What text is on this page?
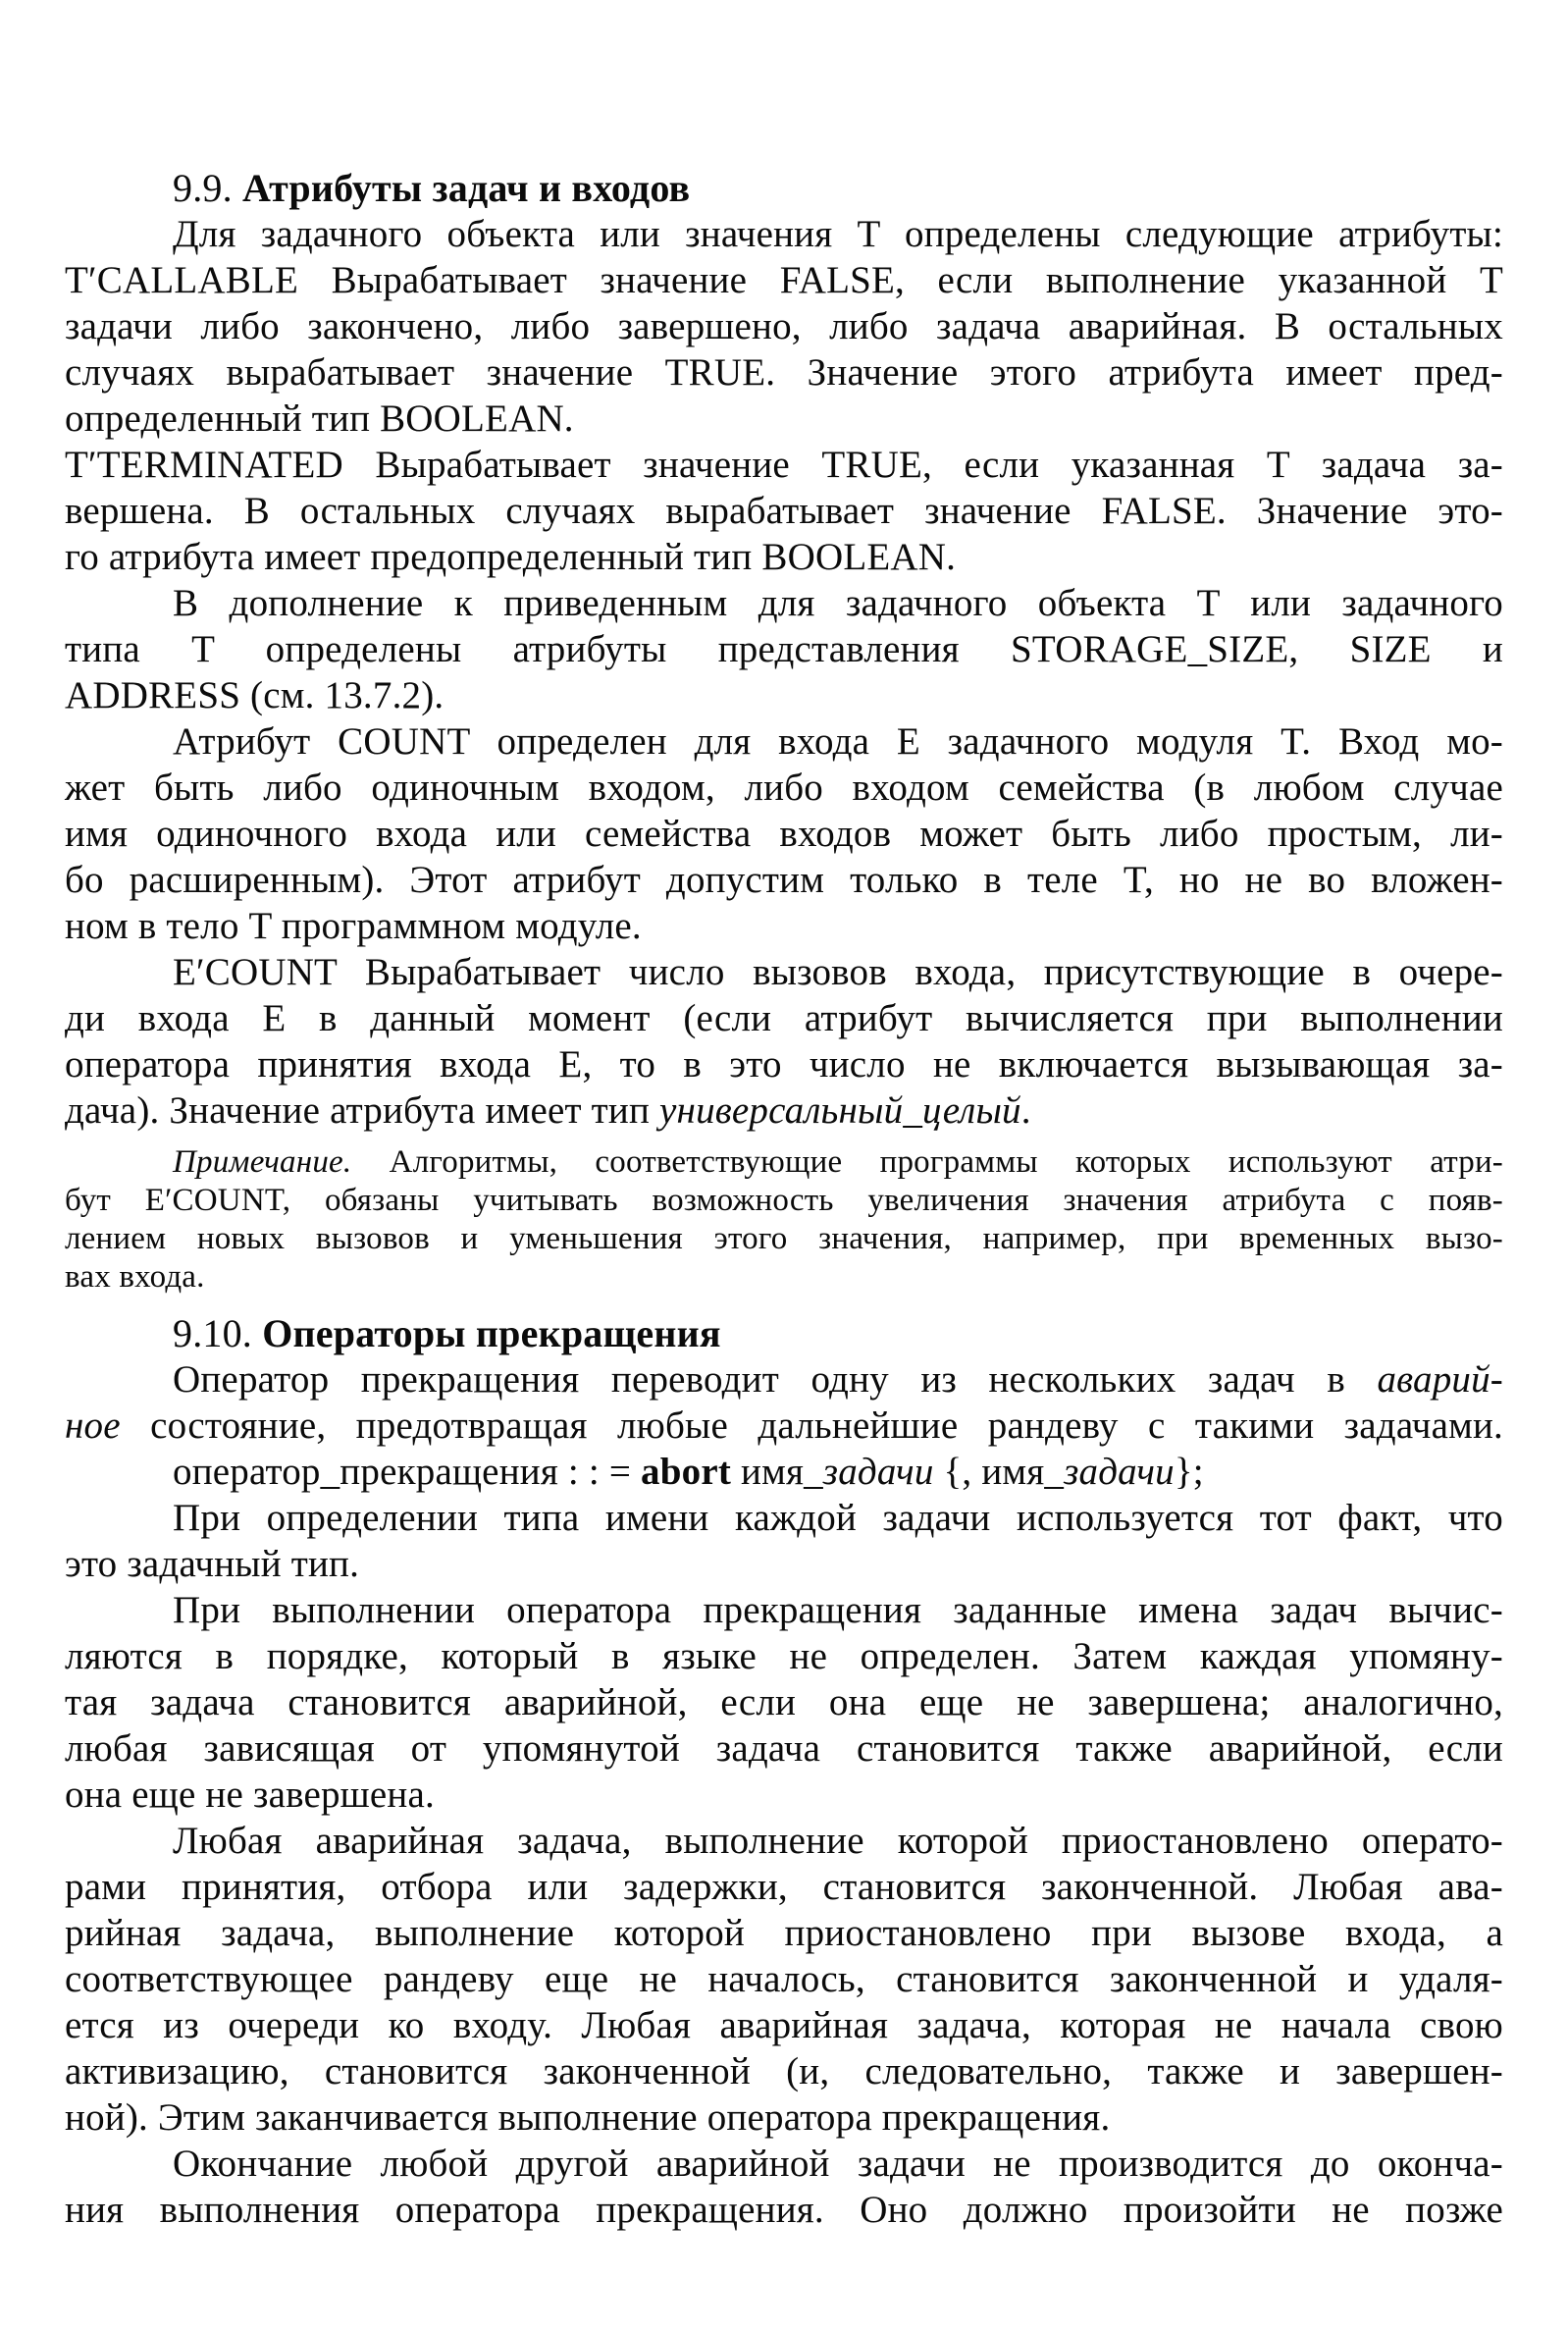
9.9. Атрибуты задач и входов
Для задачного объекта или значения T определены следующие атрибуты:
T′CALLABLE Вырабатывает значение FALSE, если выполнение указанной T
задачи либо закончено, либо завершено, либо задача аварийная. В остальных
случаях вырабатывает значение TRUE. Значение этого атрибута имеет пред-
определенный тип BOOLEAN.
T′TERMINATED Вырабатывает значение TRUE, если указанная T задача за-
вершена. В остальных случаях вырабатывает значение FALSE. Значение это-
го атрибута имеет предопределенный тип BOOLEAN.
В дополнение к приведенным для задачного объекта T или задачного
типа T определены атрибуты представления STORAGE_SIZE, SIZE и
ADDRESS (см. 13.7.2).
Атрибут COUNT определен для входа E задачного модуля T. Вход мо-
жет быть либо одиночным входом, либо входом семейства (в любом случае
имя одиночного входа или семейства входов может быть либо простым, ли-
бо расширенным). Этот атрибут допустим только в теле T, но не во вложен-
ном в тело T программном модуле.
E′COUNT Вырабатывает число вызовов входа, присутствующие в очере-
ди входа E в данный момент (если атрибут вычисляется при выполнении
оператора принятия входа E, то в это число не включается вызывающая за-
дача). Значение атрибута имеет тип универсальный_целый.
Примечание. Алгоритмы, соответствующие программы которых используют атри-
бут E′COUNT, обязаны учитывать возможность увеличения значения атрибута с появ-
лением новых вызовов и уменьшения этого значения, например, при временных вызо-
вах входа.
9.10. Операторы прекращения
Оператор прекращения переводит одну из нескольких задач в аварий-
ное состояние, предотвращая любые дальнейшие рандеву с такими задачами.
оператор_прекращения : : = abort имя_задачи {, имя_задачи};
При определении типа имени каждой задачи используется тот факт, что
это задачный тип.
При выполнении оператора прекращения заданные имена задач вычис-
ляются в порядке, который в языке не определен. Затем каждая упомяну-
тая задача становится аварийной, если она еще не завершена; аналогично,
любая зависящая от упомянутой задача становится также аварийной, если
она еще не завершена.
Любая аварийная задача, выполнение которой приостановлено операто-
рами принятия, отбора или задержки, становится законченной. Любая ава-
рийная задача, выполнение которой приостановлено при вызове входа, а
соответствующее рандеву еще не началось, становится законченной и удаля-
ется из очереди ко входу. Любая аварийная задача, которая не начала свою
активизацию, становится законченной (и, следовательно, также и завершен-
ной). Этим заканчивается выполнение оператора прекращения.
Окончание любой другой аварийной задачи не производится до оконча-
ния выполнения оператора прекращения. Оно должно произойти не позже
